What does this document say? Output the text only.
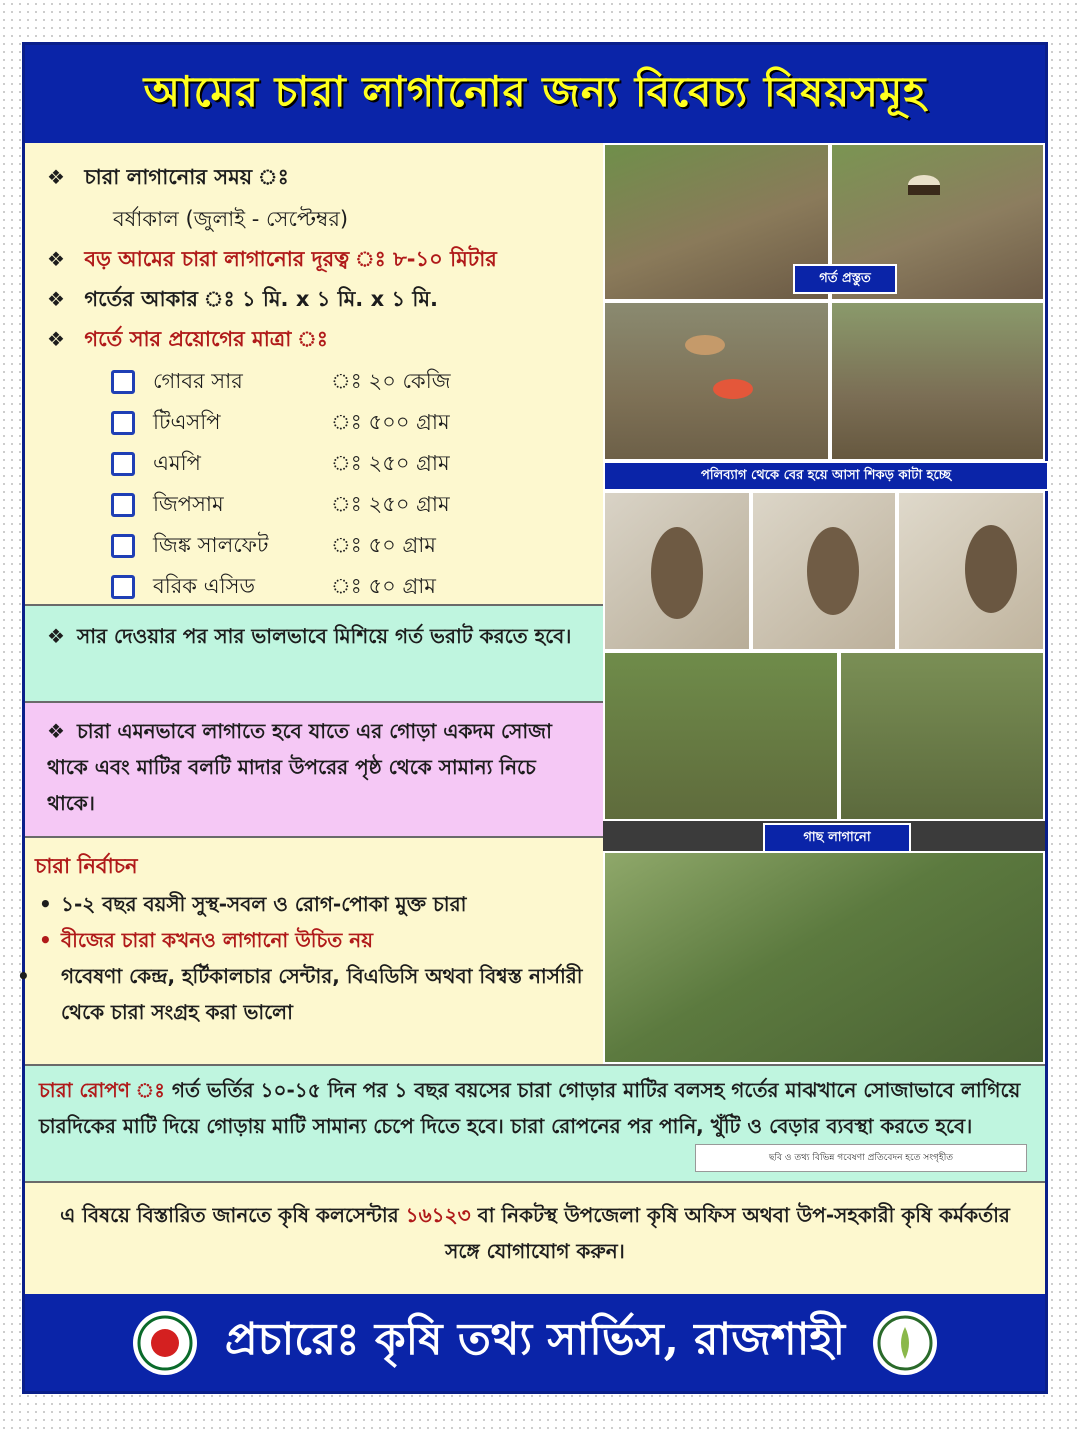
আমের চারা লাগানোর জন্য বিবেচ্য বিষয়সমূহ
❖ চারা লাগানোর সময় ঃ
বর্ষাকাল (জুলাই - সেপ্টেম্বর)
❖ বড় আমের চারা লাগানোর দূরত্ব ঃ ৮-১০ মিটার
❖ গর্তের আকার ঃ ১ মি. x ১ মি. x ১ মি.
❖ গর্তে সার প্রয়োগের মাত্রা ঃ
গোবর সার	ঃ ২০ কেজি
টিএসপি	ঃ ৫০০ গ্রাম
এমপি	ঃ ২৫০ গ্রাম
জিপসাম	ঃ ২৫০ গ্রাম
জিঙ্ক সালফেট	ঃ ৫০ গ্রাম
বরিক এসিড	ঃ ৫০ গ্রাম
❖ সার দেওয়ার পর সার ভালভাবে মিশিয়ে গর্ত ভরাট করতে হবে।
❖ চারা এমনভাবে লাগাতে হবে যাতে এর গোড়া একদম সোজা থাকে এবং মাটির বলটি মাদার উপরের পৃষ্ঠ থেকে সামান্য নিচে থাকে।
চারা নির্বাচন
• ১-২ বছর বয়সী সুস্থ-সবল ও রোগ-পোকা মুক্ত চারা
• বীজের চারা কখনও লাগানো উচিত নয়
• গবেষণা কেন্দ্র, হর্টিকালচার সেন্টার, বিএডিসি অথবা বিশ্বস্ত নার্সারী থেকে চারা সংগ্রহ করা ভালো
গর্ত প্রস্তুত
পলিব্যাগ থেকে বের হয়ে আসা শিকড় কাটা হচ্ছে
গাছ লাগানো
চারা রোপণ ঃ গর্ত ভর্তির ১০-১৫ দিন পর ১ বছর বয়সের চারা গোড়ার মাটির বলসহ গর্তের মাঝখানে সোজাভাবে লাগিয়ে চারদিকের মাটি দিয়ে গোড়ায় মাটি সামান্য চেপে দিতে হবে। চারা রোপনের পর পানি, খুঁটি ও বেড়ার ব্যবস্থা করতে হবে।
ছবি ও তথ্য বিভিন্ন গবেষণা প্রতিবেদন হতে সংগৃহীত
এ বিষয়ে বিস্তারিত জানতে কৃষি কলসেন্টার ১৬১২৩ বা নিকটস্থ উপজেলা কৃষি অফিস অথবা উপ-সহকারী কৃষি কর্মকর্তার সঙ্গে যোগাযোগ করুন।
প্রচারেঃ কৃষি তথ্য সার্ভিস, রাজশাহী
